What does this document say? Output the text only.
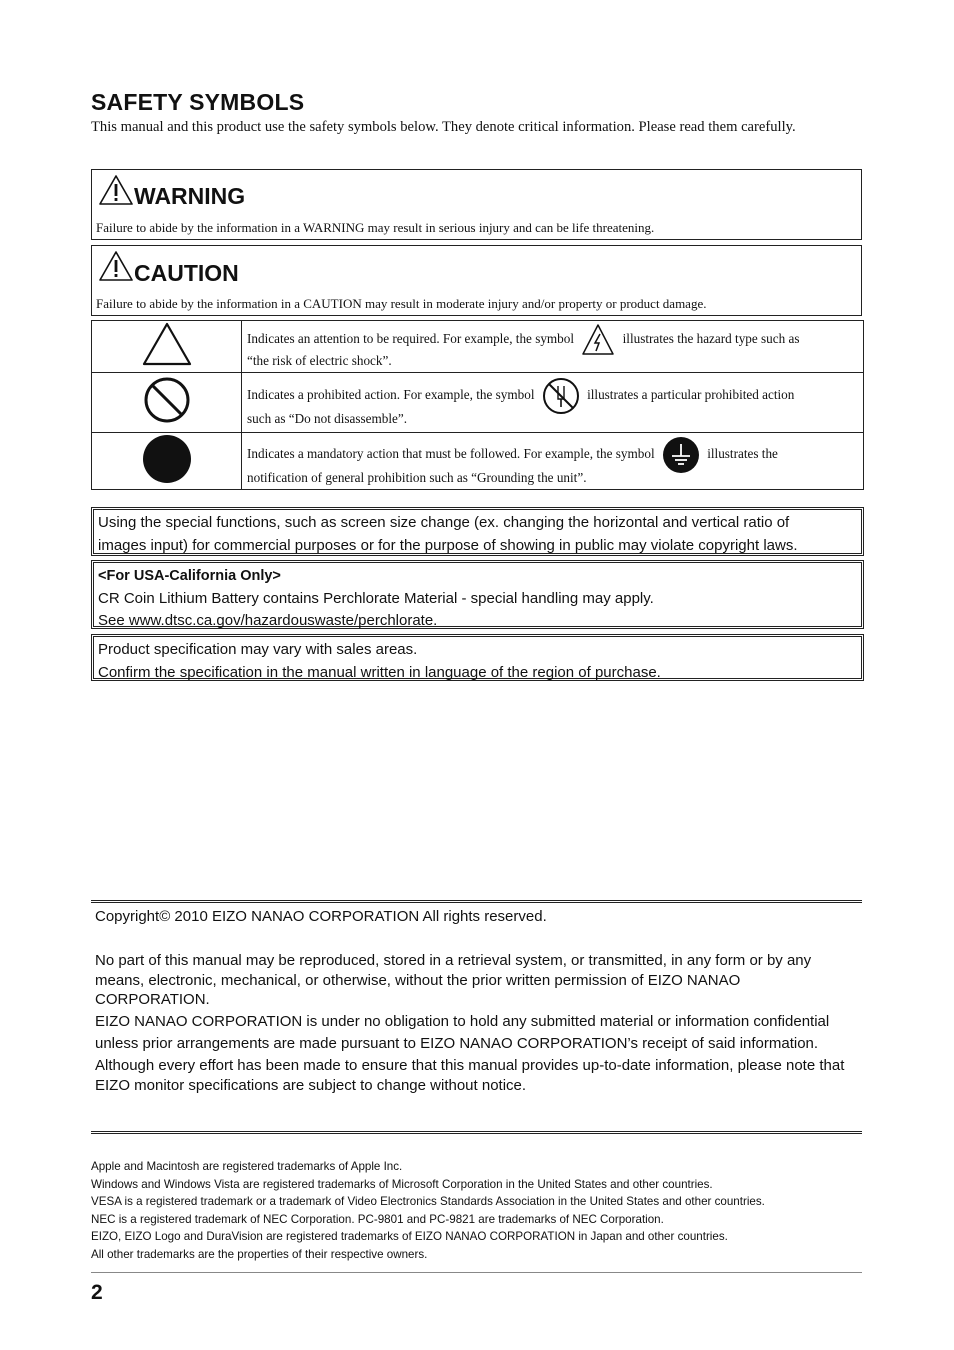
SAFETY SYMBOLS
This manual and this product use the safety symbols below. They denote critical information. Please read them carefully.
WARNING
Failure to abide by the information in a WARNING may result in serious injury and can be life threatening.
CAUTION
Failure to abide by the information in a CAUTION may result in moderate injury and/or property or product damage.

Indicates an attention to be required. For example, the symbol illustrates the hazard type such as
“the risk of electric shock”.

Indicates a prohibited action. For example, the symbol illustrates a particular prohibited action
such as “Do not disassemble”.

Indicates a mandatory action that must be followed. For example, the symbol illustrates the
notification of general prohibition such as “Grounding the unit”.

Using the special functions, such as screen size change (ex. changing the horizontal and vertical ratio of

images input) for commercial purposes or for the purpose of showing in public may violate copyright laws.

<For USA-California Only>

CR Coin Lithium Battery contains Perchlorate Material - special handling may apply.

See www.dtsc.ca.gov/hazardouswaste/perchlorate.

Product specification may vary with sales areas.

Confirm the specification in the manual written in language of the region of purchase.

Copyright© 2010 EIZO NANAO CORPORATION All rights reserved.

No part of this manual may be reproduced, stored in a retrieval system, or transmitted, in any form or by any means, electronic, mechanical, or otherwise, without the prior written permission of EIZO NANAO CORPORATION.

EIZO NANAO CORPORATION is under no obligation to hold any submitted material or information confidential

unless prior arrangements are made pursuant to EIZO NANAO CORPORATION’s receipt of said information.

Although every effort has been made to ensure that this manual provides up-to-date information, please note that EIZO monitor specifications are subject to change without notice.

Apple and Macintosh are registered trademarks of Apple Inc.

Windows and Windows Vista are registered trademarks of Microsoft Corporation in the United States and other countries.

VESA is a registered trademark or a trademark of Video Electronics Standards Association in the United States and other countries.

NEC is a registered trademark of NEC Corporation. PC-9801 and PC-9821 are trademarks of NEC Corporation.

EIZO, EIZO Logo and DuraVision are registered trademarks of EIZO NANAO CORPORATION in Japan and other countries.

All other trademarks are the properties of their respective owners.

2
